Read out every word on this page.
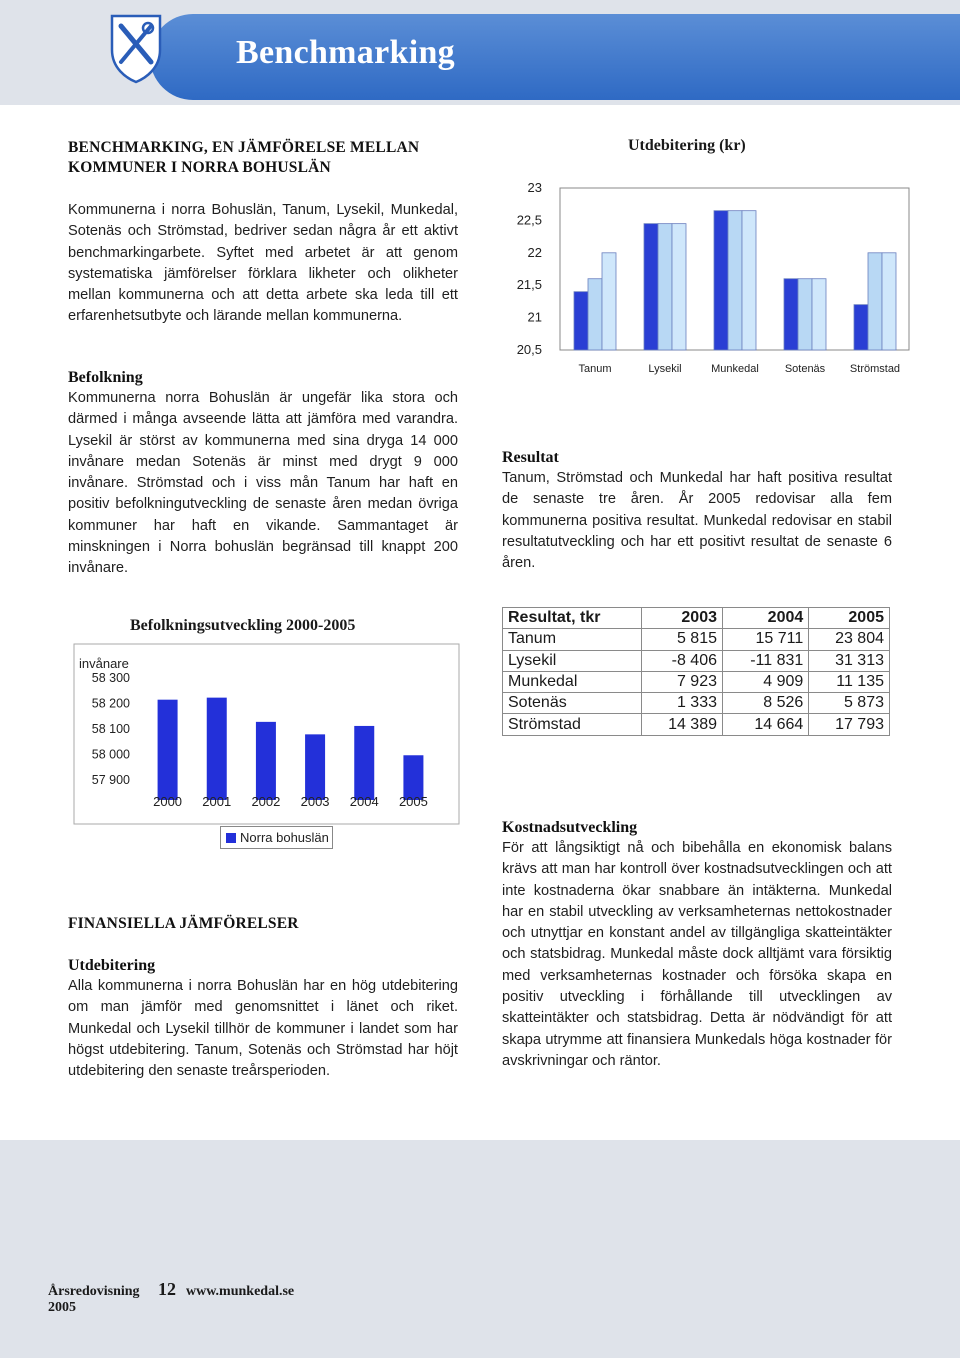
Benchmarking
BENCHMARKING, EN JÄMFÖRELSE MELLAN KOMMUNER I NORRA BOHUSLÄN
Kommunerna i norra Bohuslän, Tanum, Lysekil, Munkedal, Sotenäs och Strömstad, bedriver sedan några år ett aktivt benchmarkingarbete. Syftet med arbetet är att genom systematiska jämförelser förklara likheter och olikheter mellan kommunerna och att detta arbete ska leda till ett erfarenhetsutbyte och lärande mellan kommunerna.
Befolkning
Kommunerna norra Bohuslän är ungefär lika stora och därmed i många avseende lätta att jämföra med varandra. Lysekil är störst av kommunerna med sina dryga 14 000 invånare medan Sotenäs är minst med drygt 9 000 invånare. Strömstad och i viss mån Tanum har haft en positiv befolkningutveckling de senaste åren medan övriga kommuner har haft en vikande. Sammantaget är minskningen i Norra bohuslän begränsad till knappt 200 invånare.
Utdebitering (kr)
23
22,5
22
21,5
21
20,5
Tanum	Lysekil	Munkedal Sotenäs Strömstad
Resultat
Tanum, Strömstad och Munkedal har haft positiva resultat de senaste tre åren. År 2005 redovisar alla fem kommunerna positiva resultat. Munkedal redovisar en stabil resultatutveckling och har ett positivt resultat de senaste 6 åren.
Befolkningsutveckling 2000-2005
invånare
58 300
58 200
58 100
58 000
57 900
2000 2001 2002 2003 2004 2005
Resultat, tkr	2003	2004	2005
Tanum	5 815	15 711	23 804
Lysekil	-8 406	-11 831	31 313
Munkedal	7 923	4 909	11 135
Sotenäs	1 333	8 526	5 873
Strömstad	14 389	14 664	17 793
FINANSIELLA JÄMFÖRELSER
Utdebitering
Alla kommunerna i norra Bohuslän har en hög utdebitering om man jämför med genomsnittet i länet och riket. Munkedal och Lysekil tillhör de kommuner i landet som har högst utdebitering. Tanum, Sotenäs och Strömstad har höjt utdebitering den senaste treårsperioden.
Kostnadsutveckling
För att långsiktigt nå och bibehålla en ekonomisk balans krävs att man har kontroll över kostnadsutvecklingen och att inte kostnaderna ökar snabbare än intäkterna. Munkedal har en stabil utveckling av verksamheternas nettokostnader och utnyttjar en konstant andel av tillgängliga skatteintäkter och statsbidrag. Munkedal måste dock alltjämt vara försiktig med verksamheternas kostnader och försöka skapa en positiv utveckling i förhållande till utvecklingen av skatteintäkter och statsbidrag. Detta är nödvändigt för att skapa utrymme att finansiera Munkedals höga kostnader för avskrivningar och räntor.
Årsredovisning
2005
12 www.munkedal.se
Norra bohuslän
